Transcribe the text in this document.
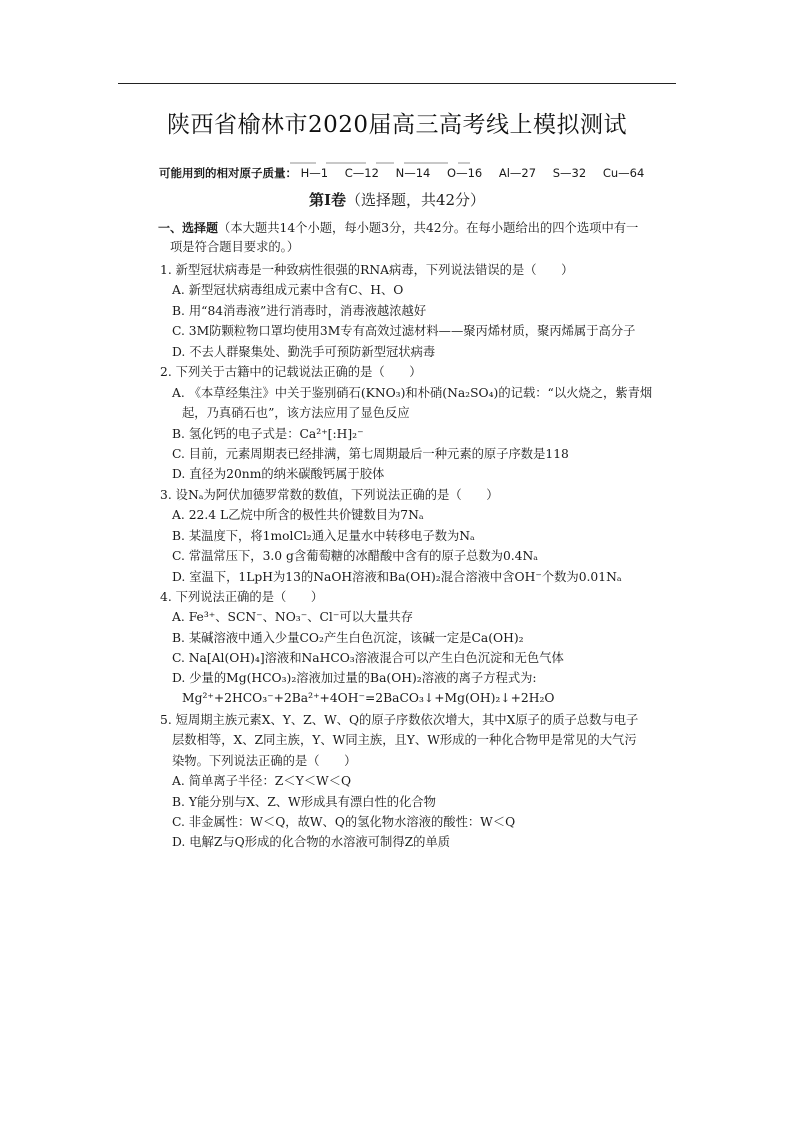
陕西省榆林市2020届高三高考线上模拟测试
可能用到的相对原子质量： H—1 C—12 N—14 O—16 Al—27 S—32 Cu—64
第Ⅰ卷（选择题，共42分）
一、选择题（本大题共14个小题，每小题3分，共42分。在每小题给出的四个选项中有一
项是符合题目要求的。）
1. 新型冠状病毒是一种致病性很强的RNA病毒，下列说法错误的是（　　）
A. 新型冠状病毒组成元素中含有C、H、O
B. 用“84消毒液”进行消毒时，消毒液越浓越好
C. 3M防颗粒物口罩均使用3M专有高效过滤材料——聚丙烯材质，聚丙烯属于高分子
D. 不去人群聚集处、勤洗手可预防新型冠状病毒
2. 下列关于古籍中的记载说法正确的是（　　）
A. 《本草经集注》中关于鉴别硝石(KNO₃)和朴硝(Na₂SO₄)的记载：“以火烧之，紫青烟
起，乃真硝石也”，该方法应用了显色反应
B. 氢化钙的电子式是：Ca²⁺[:H]₂⁻
C. 目前，元素周期表已经排满，第七周期最后一种元素的原子序数是118
D. 直径为20nm的纳米碳酸钙属于胶体
3. 设Nₐ为阿伏加德罗常数的数值，下列说法正确的是（　　）
A. 22.4 L乙烷中所含的极性共价键数目为7Nₐ
B. 某温度下，将1molCl₂通入足量水中转移电子数为Nₐ
C. 常温常压下，3.0 g含葡萄糖的冰醋酸中含有的原子总数为0.4Nₐ
D. 室温下，1LpH为13的NaOH溶液和Ba(OH)₂混合溶液中含OH⁻个数为0.01Nₐ
4. 下列说法正确的是（　　）
A. Fe³⁺、SCN⁻、NO₃⁻、Cl⁻可以大量共存
B. 某碱溶液中通入少量CO₂产生白色沉淀，该碱一定是Ca(OH)₂
C. Na[Al(OH)₄]溶液和NaHCO₃溶液混合可以产生白色沉淀和无色气体
D. 少量的Mg(HCO₃)₂溶液加过量的Ba(OH)₂溶液的离子方程式为:
Mg²⁺+2HCO₃⁻+2Ba²⁺+4OH⁻=2BaCO₃↓+Mg(OH)₂↓+2H₂O
5. 短周期主族元素X、Y、Z、W、Q的原子序数依次增大，其中X原子的质子总数与电子
层数相等，X、Z同主族，Y、W同主族，且Y、W形成的一种化合物甲是常见的大气污
染物。下列说法正确的是（　　）
A. 简单离子半径：Z＜Y＜W＜Q
B. Y能分别与X、Z、W形成具有漂白性的化合物
C. 非金属性：W＜Q，故W、Q的氢化物水溶液的酸性：W＜Q
D. 电解Z与Q形成的化合物的水溶液可制得Z的单质
